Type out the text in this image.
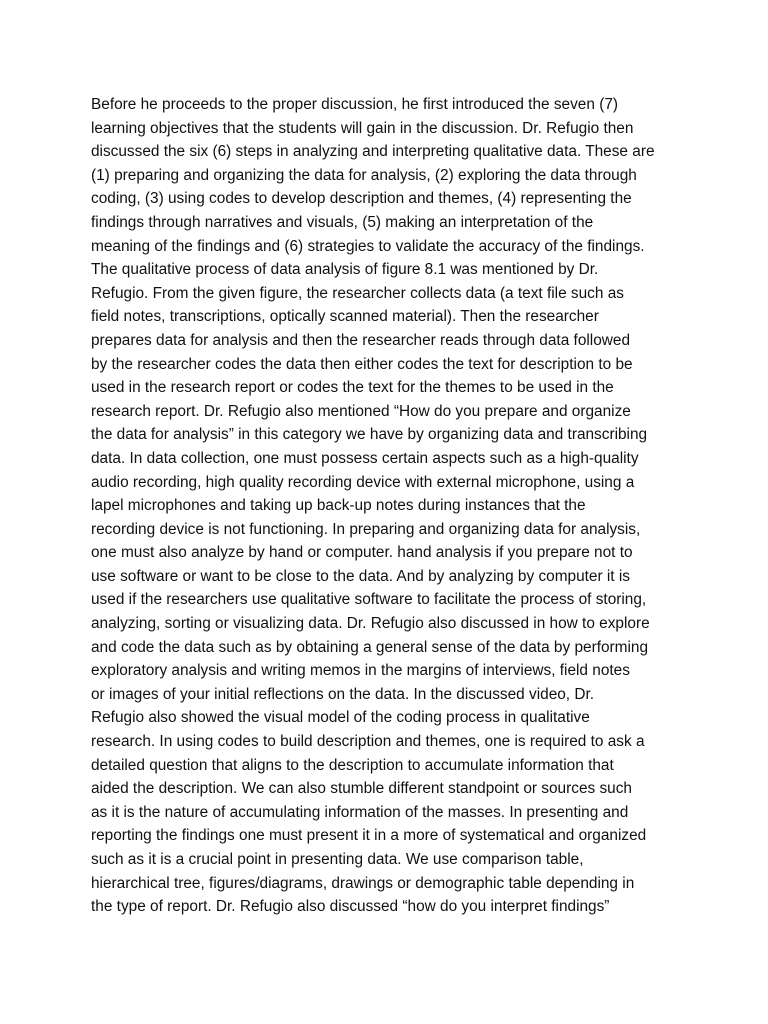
Before he proceeds to the proper discussion, he first introduced the seven (7)
learning objectives that the students will gain in the discussion. Dr. Refugio then
discussed the six (6) steps in analyzing and interpreting qualitative data. These are
(1) preparing and organizing the data for analysis, (2) exploring the data through
coding, (3) using codes to develop description and themes, (4) representing the
findings through narratives and visuals, (5) making an interpretation of the
meaning of the findings and (6) strategies to validate the accuracy of the findings.
The qualitative process of data analysis of figure 8.1 was mentioned by Dr.
Refugio. From the given figure, the researcher collects data (a text file such as
field notes, transcriptions, optically scanned material). Then the researcher
prepares data for analysis and then the researcher reads through data followed
by the researcher codes the data then either codes the text for description to be
used in the research report or codes the text for the themes to be used in the
research report. Dr. Refugio also mentioned “How do you prepare and organize
the data for analysis” in this category we have by organizing data and transcribing
data. In data collection, one must possess certain aspects such as a high-quality
audio recording, high quality recording device with external microphone, using a
lapel microphones and taking up back-up notes during instances that the
recording device is not functioning. In preparing and organizing data for analysis,
one must also analyze by hand or computer. hand analysis if you prepare not to
use software or want to be close to the data. And by analyzing by computer it is
used if the researchers use qualitative software to facilitate the process of storing,
analyzing, sorting or visualizing data. Dr. Refugio also discussed in how to explore
and code the data such as by obtaining a general sense of the data by performing
exploratory analysis and writing memos in the margins of interviews, field notes
or images of your initial reflections on the data. In the discussed video, Dr.
Refugio also showed the visual model of the coding process in qualitative
research. In using codes to build description and themes, one is required to ask a
detailed question that aligns to the description to accumulate information that
aided the description. We can also stumble different standpoint or sources such
as it is the nature of accumulating information of the masses. In presenting and
reporting the findings one must present it in a more of systematical and organized
such as it is a crucial point in presenting data. We use comparison table,
hierarchical tree, figures/diagrams, drawings or demographic table depending in
the type of report. Dr. Refugio also discussed “how do you interpret findings”
